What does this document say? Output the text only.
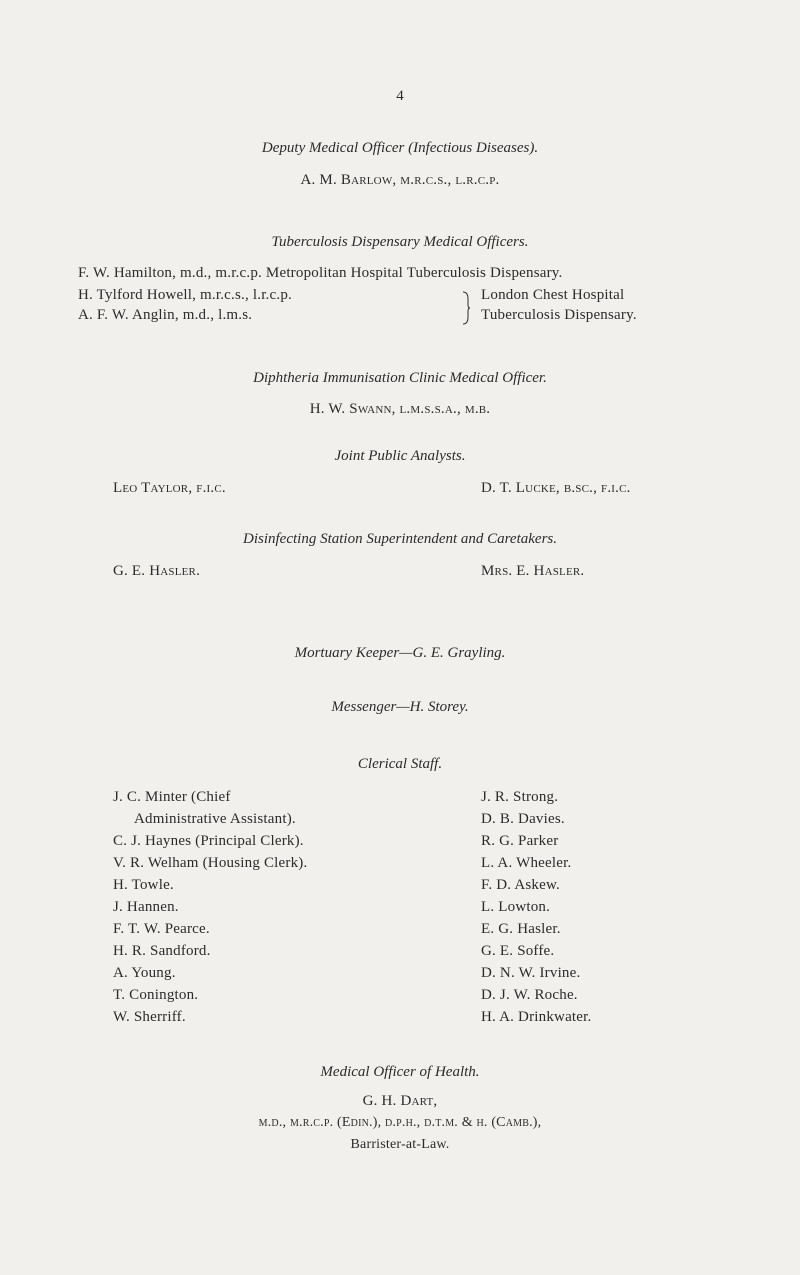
4
Deputy Medical Officer (Infectious Diseases).
A. M. Barlow, m.r.c.s., l.r.c.p.
Tuberculosis Dispensary Medical Officers.
F. W. Hamilton, m.d., m.r.c.p. Metropolitan Hospital Tuberculosis Dispensary.
H. Tylford Howell, m.r.c.s., l.r.c.p.
A. F. W. Anglin, m.d., l.m.s.
London Chest Hospital
Tuberculosis Dispensary.
Diphtheria Immunisation Clinic Medical Officer.
H. W. Swann, l.m.s.s.a., m.b.
Joint Public Analysts.
Leo Taylor, f.i.c.	D. T. Lucke, b.sc., f.i.c.
Disinfecting Station Superintendent and Caretakers.
G. E. Hasler.	Mrs. E. Hasler.
Mortuary Keeper—G. E. Grayling.
Messenger—H. Storey.
Clerical Staff.
J. C. Minter (Chief
Administrative Assistant).
C. J. Haynes (Principal Clerk).
V. R. Welham (Housing Clerk).
H. Towle.
J. Hannen.
F. T. W. Pearce.
H. R. Sandford.
A. Young.
T. Conington.
W. Sherriff.
J. R. Strong.
D. B. Davies.
R. G. Parker
L. A. Wheeler.
F. D. Askew.
L. Lowton.
E. G. Hasler.
G. E. Soffe.
D. N. W. Irvine.
D. J. W. Roche.
H. A. Drinkwater.
Medical Officer of Health.
G. H. Dart,
m.d., m.r.c.p. (Edin.), d.p.h., d.t.m. & h. (Camb.),
Barrister-at-Law.
